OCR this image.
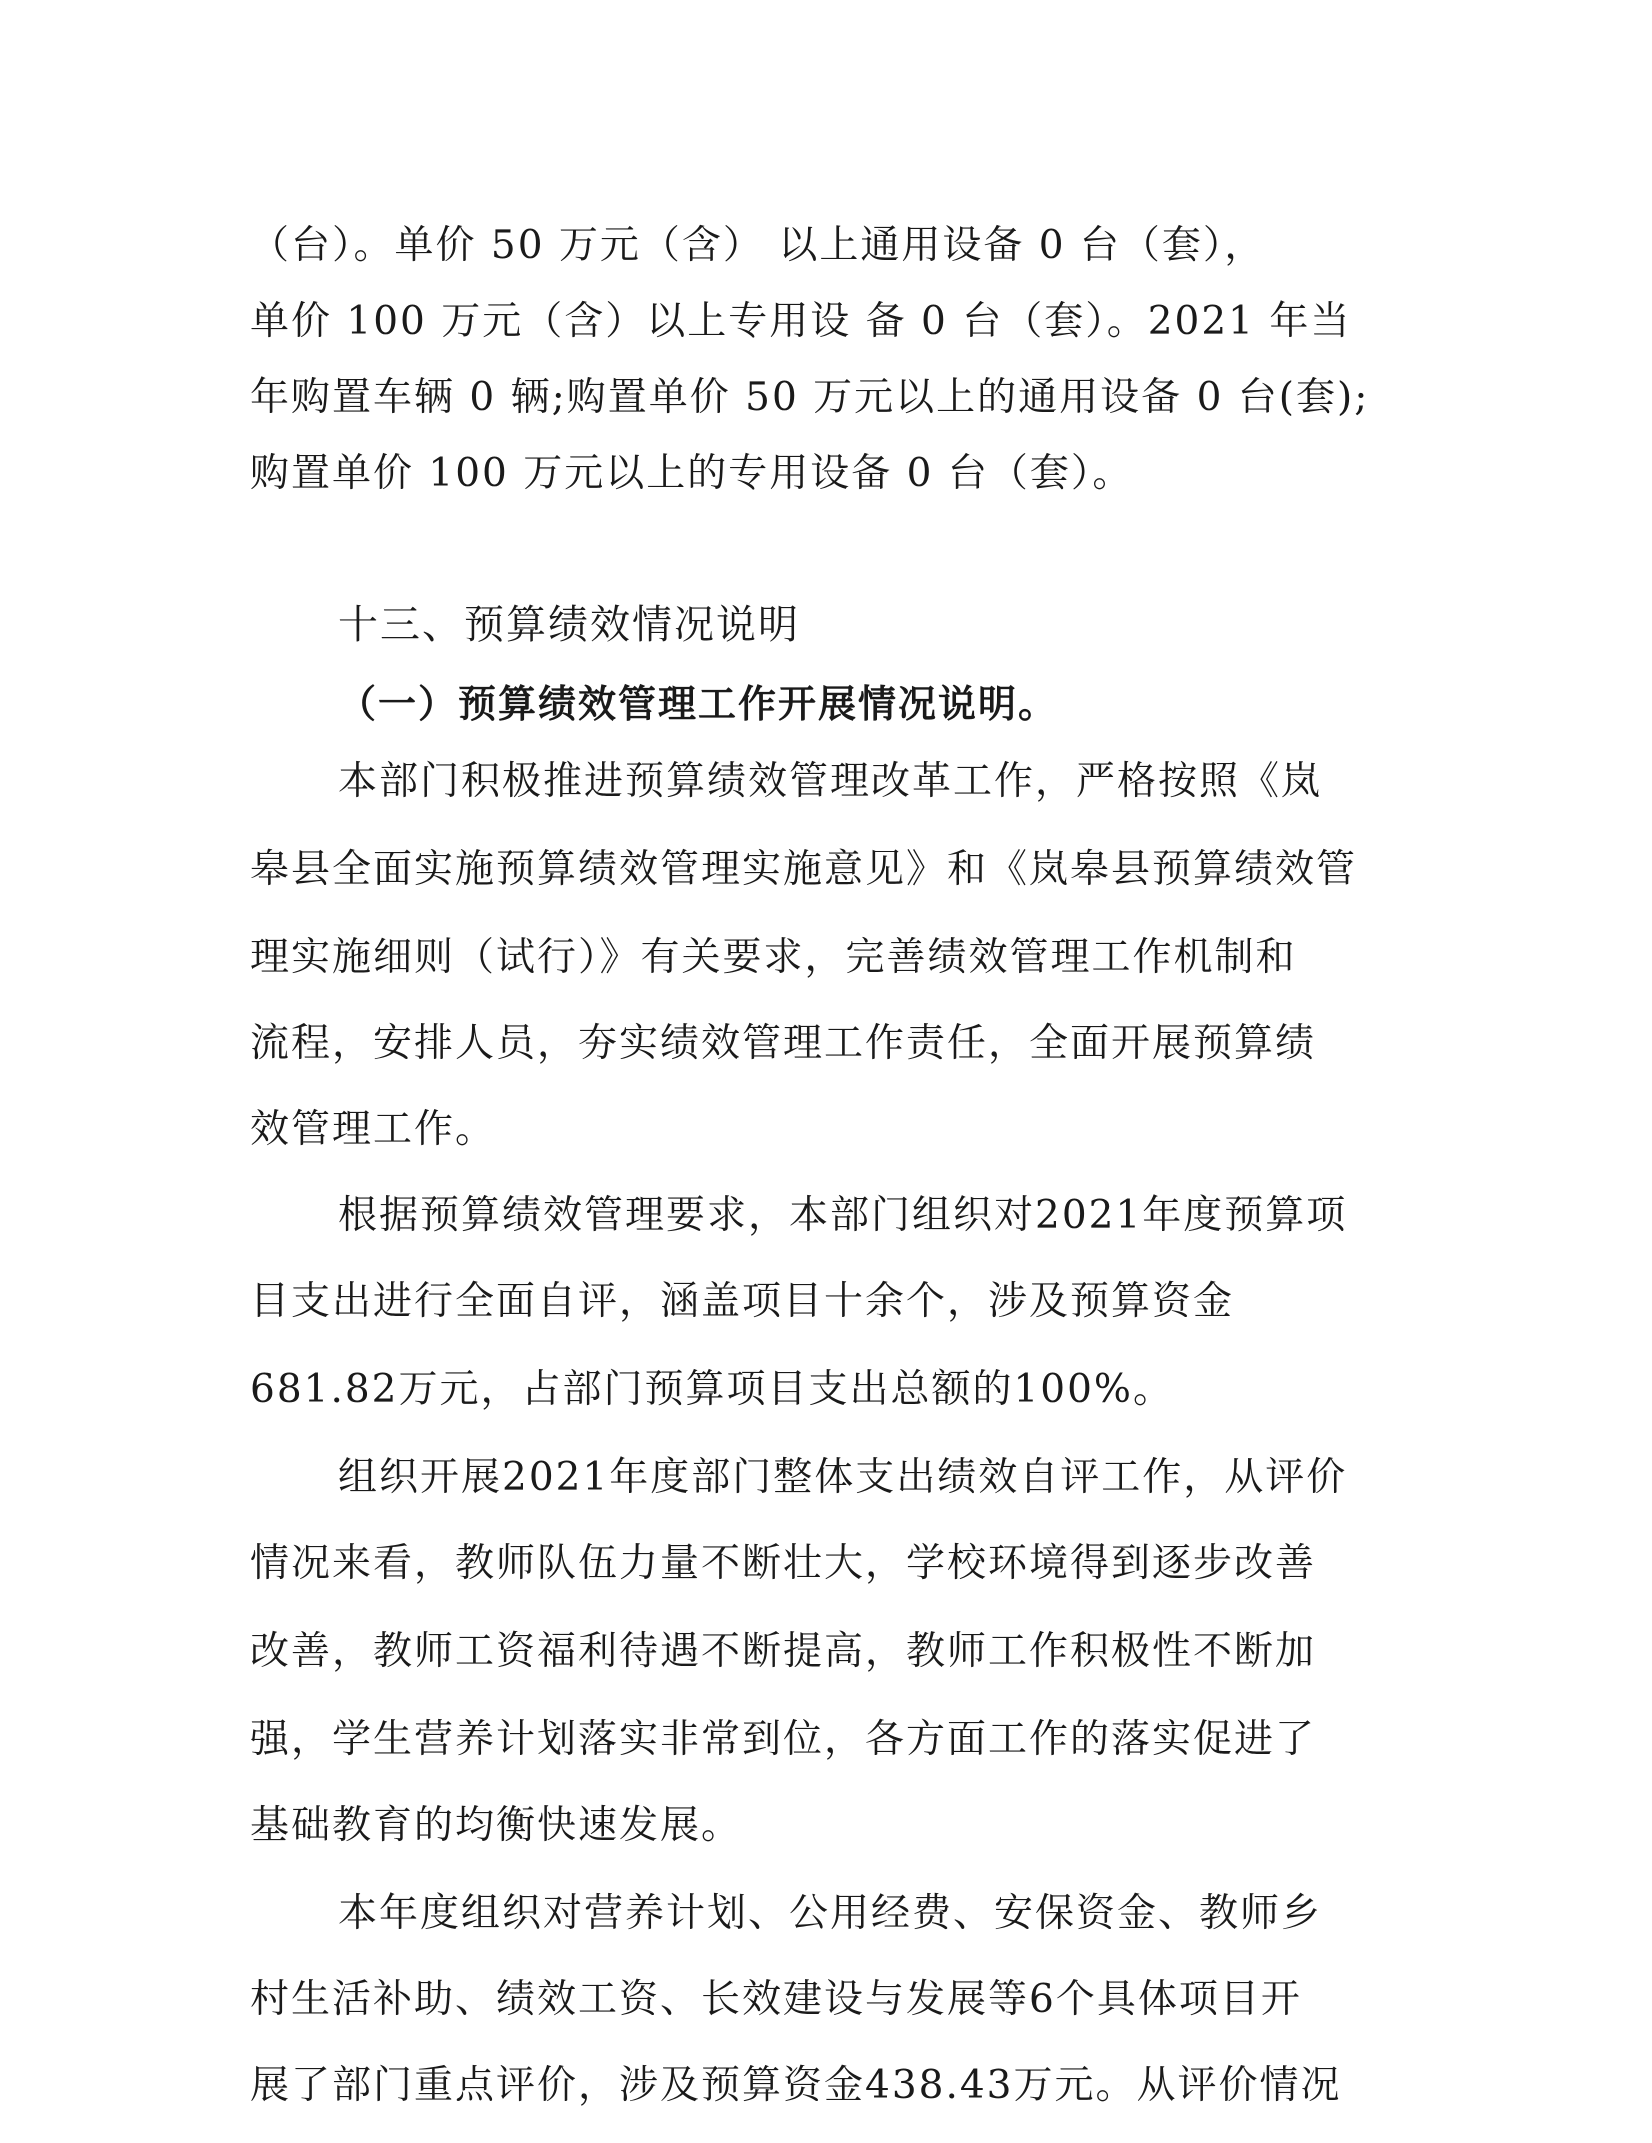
（台）。单价 50 万元（含） 以上通用设备 0 台（套），
单价 100 万元（含）以上专用设 备 0 台（套）。2021 年当
年购置车辆 0 辆;购置单价 50 万元以上的通用设备 0 台(套);
购置单价 100 万元以上的专用设备 0 台（套）。
十三、预算绩效情况说明
（一）预算绩效管理工作开展情况说明。
本部门积极推进预算绩效管理改革工作，严格按照《岚
皋县全面实施预算绩效管理实施意见》和《岚皋县预算绩效管
理实施细则（试行）》有关要求，完善绩效管理工作机制和
流程，安排人员，夯实绩效管理工作责任，全面开展预算绩
效管理工作。
根据预算绩效管理要求，本部门组织对2021年度预算项
目支出进行全面自评，涵盖项目十余个，涉及预算资金
681.82万元，占部门预算项目支出总额的100%。
组织开展2021年度部门整体支出绩效自评工作，从评价
情况来看，教师队伍力量不断壮大，学校环境得到逐步改善
改善，教师工资福利待遇不断提高，教师工作积极性不断加
强，学生营养计划落实非常到位，各方面工作的落实促进了
基础教育的均衡快速发展。
本年度组织对营养计划、公用经费、安保资金、教师乡
村生活补助、绩效工资、长效建设与发展等6个具体项目开
展了部门重点评价，涉及预算资金438.43万元。从评价情况
